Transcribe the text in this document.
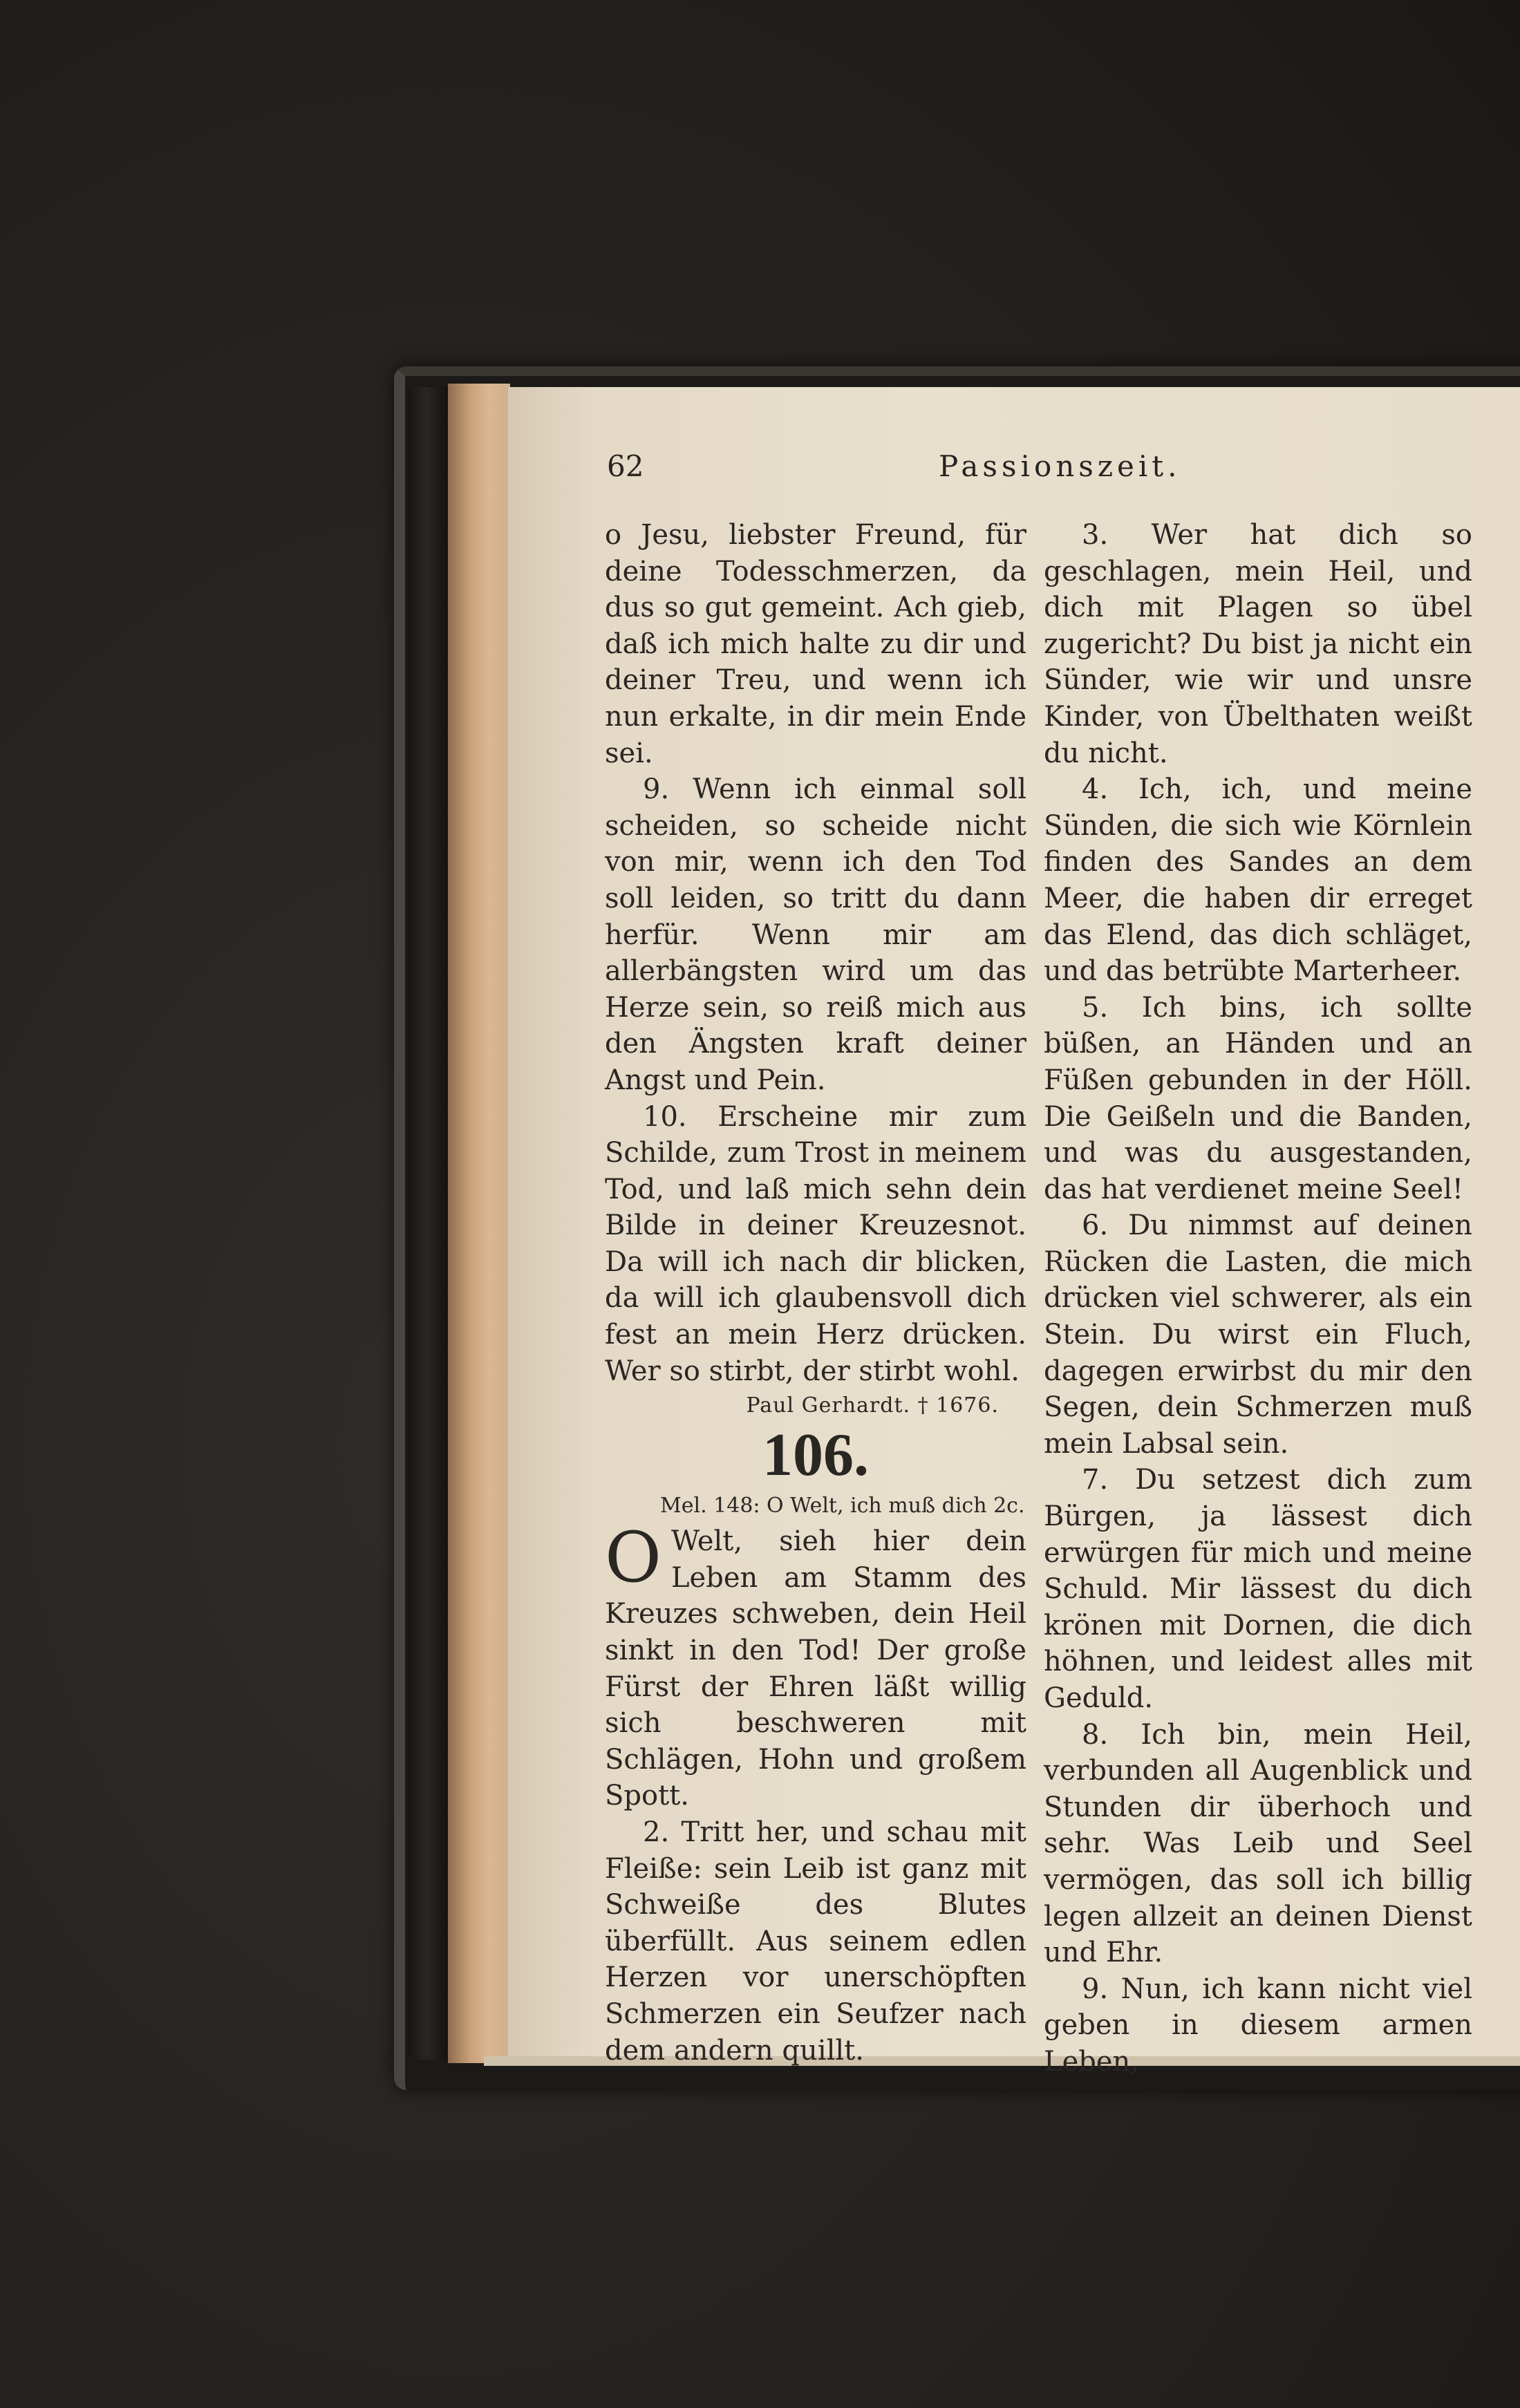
62	Passionszeit.

o Jesu, liebster Freund, für deine Todesschmerzen, da dus so gut gemeint. Ach gieb, daß ich mich halte zu dir und deiner Treu, und wenn ich nun erkalte, in dir mein Ende sei.

9. Wenn ich einmal soll scheiden, so scheide nicht von mir, wenn ich den Tod soll leiden, so tritt du dann herfür. Wenn mir am allerbängsten wird um das Herze sein, so reiß mich aus den Ängsten kraft deiner Angst und Pein.

10. Erscheine mir zum Schilde, zum Trost in meinem Tod, und laß mich sehn dein Bilde in deiner Kreuzesnot. Da will ich nach dir blicken, da will ich glaubensvoll dich fest an mein Herz drücken. Wer so stirbt, der stirbt wohl.

Paul Gerhardt. † 1676.

106.

Mel. 148: O Welt, ich muß dich 2c.

O Welt, sieh hier dein Leben am Stamm des Kreuzes schweben, dein Heil sinkt in den Tod! Der große Fürst der Ehren läßt willig sich beschweren mit Schlägen, Hohn und großem Spott.

2. Tritt her, und schau mit Fleiße: sein Leib ist ganz mit Schweiße des Blutes überfüllt. Aus seinem edlen Herzen vor unerschöpften Schmerzen ein Seufzer nach dem andern quillt.

3. Wer hat dich so geschlagen, mein Heil, und dich mit Plagen so übel zugericht? Du bist ja nicht ein Sünder, wie wir und unsre Kinder, von Übelthaten weißt du nicht.

4. Ich, ich, und meine Sünden, die sich wie Körnlein finden des Sandes an dem Meer, die haben dir erreget das Elend, das dich schläget, und das betrübte Marterheer.

5. Ich bins, ich sollte büßen, an Händen und an Füßen gebunden in der Höll. Die Geißeln und die Banden, und was du ausgestanden, das hat verdienet meine Seel!

6. Du nimmst auf deinen Rücken die Lasten, die mich drücken viel schwerer, als ein Stein. Du wirst ein Fluch, dagegen erwirbst du mir den Segen, dein Schmerzen muß mein Labsal sein.

7. Du setzest dich zum Bürgen, ja lässest dich erwürgen für mich und meine Schuld. Mir lässest du dich krönen mit Dornen, die dich höhnen, und leidest alles mit Geduld.

8. Ich bin, mein Heil, verbunden all Augenblick und Stunden dir überhoch und sehr. Was Leib und Seel vermögen, das soll ich billig legen allzeit an deinen Dienst und Ehr.

9. Nun, ich kann nicht viel geben in diesem armen Leben,
